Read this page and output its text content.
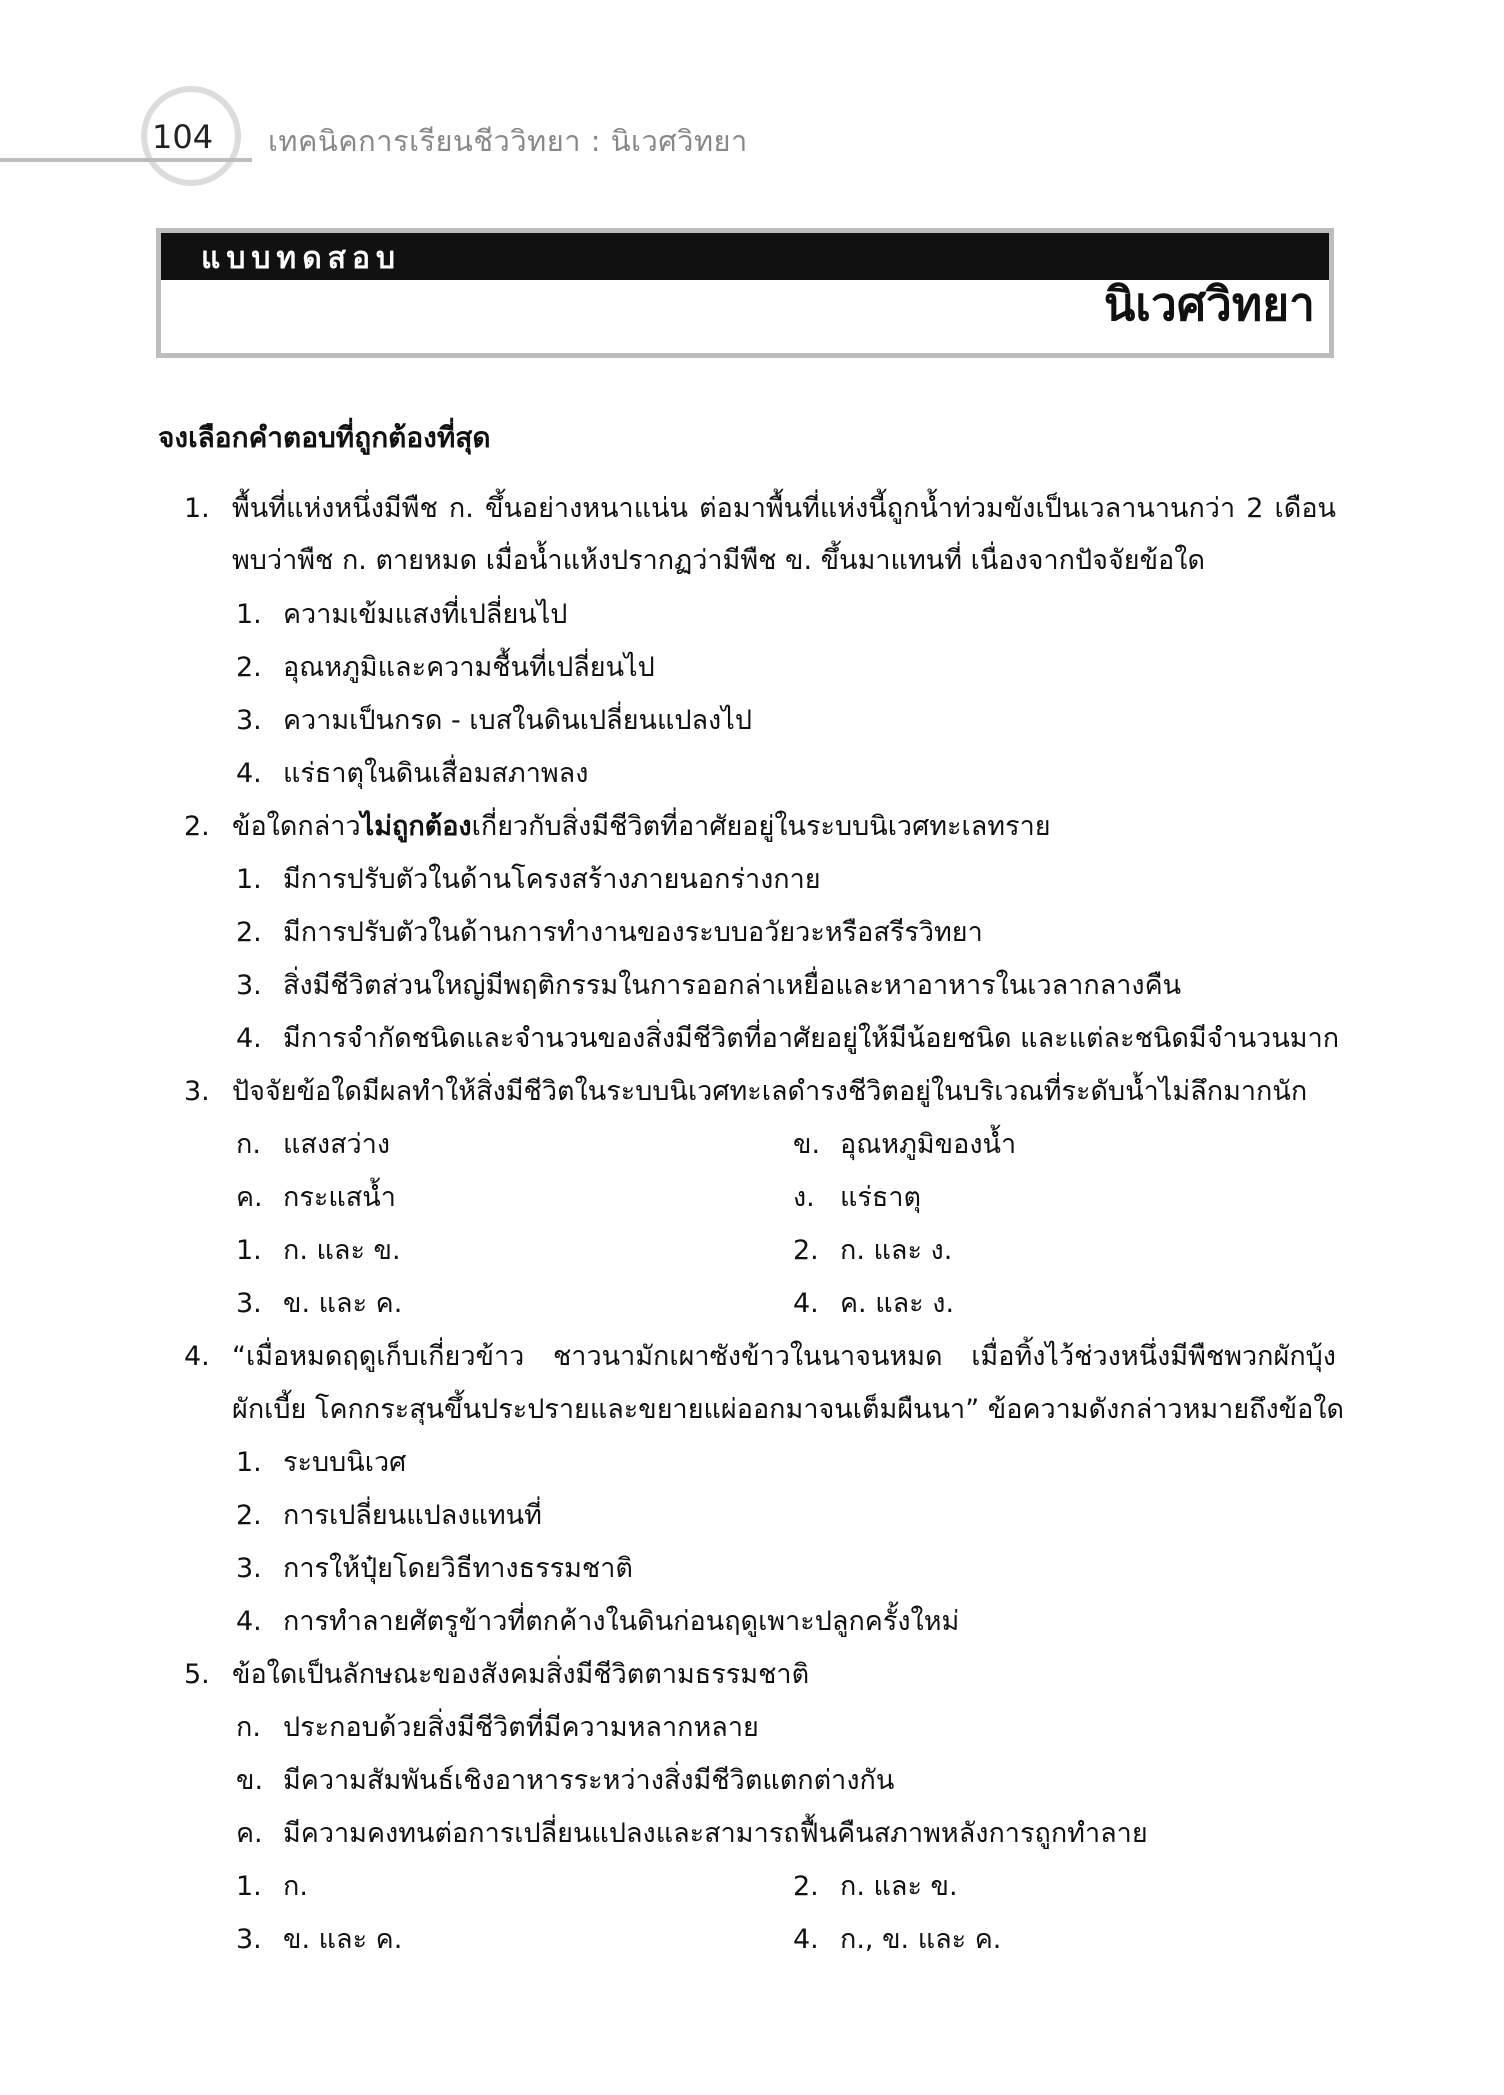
104 เทคนิคการเรียนชีววิทยา : นิเวศวิทยา
แบบทดสอบ
นิเวศวิทยา
จงเลือกคำตอบที่ถูกต้องที่สุด
1. พื้นที่แห่งหนึ่งมีพืช ก. ขึ้นอย่างหนาแน่น ต่อมาพื้นที่แห่งนี้ถูกน้ำท่วมขังเป็นเวลานานกว่า 2 เดือน
พบว่าพืช ก. ตายหมด เมื่อน้ำแห้งปรากฏว่ามีพืช ข. ขึ้นมาแทนที่ เนื่องจากปัจจัยข้อใด
1. ความเข้มแสงที่เปลี่ยนไป
2. อุณหภูมิและความชื้นที่เปลี่ยนไป
3. ความเป็นกรด - เบสในดินเปลี่ยนแปลงไป
4. แร่ธาตุในดินเสื่อมสภาพลง
2. ข้อใดกล่าวไม่ถูกต้องเกี่ยวกับสิ่งมีชีวิตที่อาศัยอยู่ในระบบนิเวศทะเลทราย
1. มีการปรับตัวในด้านโครงสร้างภายนอกร่างกาย
2. มีการปรับตัวในด้านการทำงานของระบบอวัยวะหรือสรีรวิทยา
3. สิ่งมีชีวิตส่วนใหญ่มีพฤติกรรมในการออกล่าเหยื่อและหาอาหารในเวลากลางคืน
4. มีการจำกัดชนิดและจำนวนของสิ่งมีชีวิตที่อาศัยอยู่ให้มีน้อยชนิด และแต่ละชนิดมีจำนวนมาก
3. ปัจจัยข้อใดมีผลทำให้สิ่งมีชีวิตในระบบนิเวศทะเลดำรงชีวิตอยู่ในบริเวณที่ระดับน้ำไม่ลึกมากนัก
ก. แสงสว่าง	ข. อุณหภูมิของน้ำ
ค. กระแสน้ำ	ง. แร่ธาตุ
1. ก. และ ข.	2. ก. และ ง.
3. ข. และ ค.	4. ค. และ ง.
4. “เมื่อหมดฤดูเก็บเกี่ยวข้าว ชาวนามักเผาซังข้าวในนาจนหมด เมื่อทิ้งไว้ช่วงหนึ่งมีพืชพวกผักบุ้ง
ผักเบี้ย โคกกระสุนขึ้นประปรายและขยายแผ่ออกมาจนเต็มผืนนา” ข้อความดังกล่าวหมายถึงข้อใด
1. ระบบนิเวศ
2. การเปลี่ยนแปลงแทนที่
3. การให้ปุ๋ยโดยวิธีทางธรรมชาติ
4. การทำลายศัตรูข้าวที่ตกค้างในดินก่อนฤดูเพาะปลูกครั้งใหม่
5. ข้อใดเป็นลักษณะของสังคมสิ่งมีชีวิตตามธรรมชาติ
ก. ประกอบด้วยสิ่งมีชีวิตที่มีความหลากหลาย
ข. มีความสัมพันธ์เชิงอาหารระหว่างสิ่งมีชีวิตแตกต่างกัน
ค. มีความคงทนต่อการเปลี่ยนแปลงและสามารถฟื้นคืนสภาพหลังการถูกทำลาย
1. ก.	2. ก. และ ข.
3. ข. และ ค.	4. ก., ข. และ ค.
